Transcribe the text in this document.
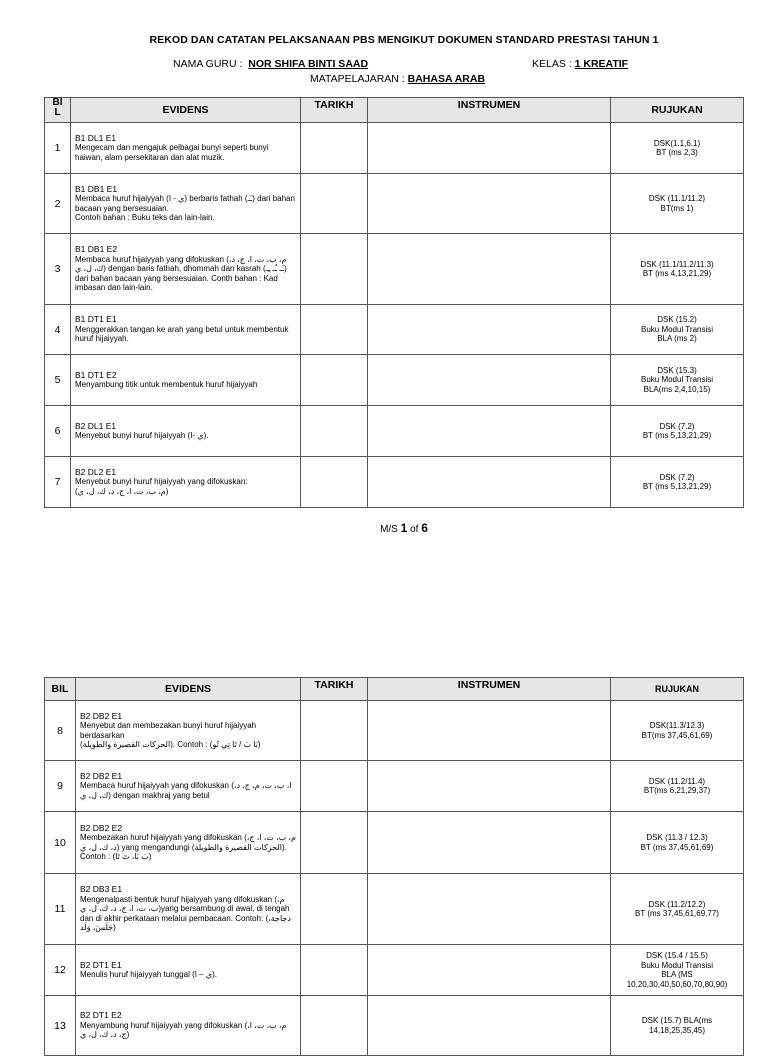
REKOD DAN CATATAN PELAKSANAAN PBS MENGIKUT DOKUMEN STANDARD PRESTASI TAHUN 1
NAMA GURU : NOR SHIFA BINTI SAAD	KELAS : 1 KREATIF
MATAPELAJARAN : BAHASA ARAB
BI
L	EVIDENS	TARIKH	INSTRUMEN	RUJUKAN
1	B1 DL1 E1
Mengecam dan mengajuk pelbagai bunyi seperti bunyi haiwan, alam persekitaran dan alat muzik.			DSK(1.1,6.1)
BT (ms 2,3)
2	B1 DB1 E1
Membaca huruf hijaiyyah (ي - ا) berbaris fathah (ـَـ) dari bahan bacaan yang bersesuaian.
Contoh bahan : Buku teks dan lain-lain.			DSK (11.1/11.2)
BT(ms 1)
3	B1 DB1 E2
Membaca huruf hijaiyyah yang difokuskan (م، ب، ت، ا، ج، د، ك، ل، ي) dengan baris fathah, dhommah dan kasrah (ـَـ ـُـ ـِـ) dari bahan bacaan yang bersesuaian. Conth bahan : Kad imbasan dan lain-lain.			DSK (11.1/11.2/11.3)
BT (ms 4,13,21,29)
4	B1 DT1 E1
Menggerakkan tangan ke arah yang betul untuk membentuk huruf hijaiyyah.			DSK (15.2)
Buku Modul Transisi
BLA (ms 2)
5	B1 DT1 E2
Menyambung titik untuk membentuk huruf hijaiyyah			DSK (15.3)
Buku Modul Transisi
BLA(ms 2,4,10,15)
6	B2 DL1 E1
Menyebut bunyi huruf hijaiyyah (ي -ا).			DSK (7.2)
BT (ms 5,13,21,29)
7	B2 DL2 E1
Menyebut bunyi huruf hijaiyyah yang difokuskan:
(م، ب، ت، ا، ج، د، ك، ل، ي)			DSK (7.2)
BT (ms 5,13,21,29)
M/S 1 of 6
BIL	EVIDENS	TARIKH	INSTRUMEN	RUJUKAN
8	B2 DB2 E1
Menyebut dan membezakan bunyi huruf hijaiyyah berdasarkan
(الحركات القصيرة والطويلة). Contoh : (بَا بَ / تَا تِي تُو)			DSK(11.3/12.3)
BT(ms 37,45,61,69)
9	B2 DB2 E1
Membaca huruf hijaiyyah yang difokuskan (ا، ب، ت، م، ج، د، ك، ل، ي) dengan makhraj yang betul			DSK (11.2/11.4)
BT(ms 6,21,29,37)
10	B2 DB2 E2
Membezakan huruf hijaiyyah yang difokuskan (م، ب، ت، ا، ج، د، ك، ل، ي) yang mengandungi (الحركات القصيرة والطويلة).
Contoh : (بَ بَا، تَ تَا)			DSK (11.3 / 12.3)
BT (ms 37,45,61,69)
11	B2 DB3 E1
Mengenalpasti bentuk huruf hijaiyyah yang difokuskan (م، ب، ت، ا، ج، د، ك، ل، ي)yang bersambung di awal, di tengah dan di akhir perkataan melalui pembacaan. Contoh: (دجاجة، جَلَسَ، وَلَد)			DSK (11.2/12.2)
BT (ms 37,45,61,69,77)
12	B2 DT1 E1
Menulis huruf hijaiyyah tunggal (ي – ا).			DSK (15.4 / 15.5)
Buku Modul Transisi
BLA (MS
10,20,30,40,50,60,70,80,90)
13	B2 DT1 E2
Menyambung huruf hijaiyyah yang difokuskan (م، ب، ت، ا، ج، د، ك، ل، ي)			DSK (15.7) BLA(ms
14,18,25,35,45)
